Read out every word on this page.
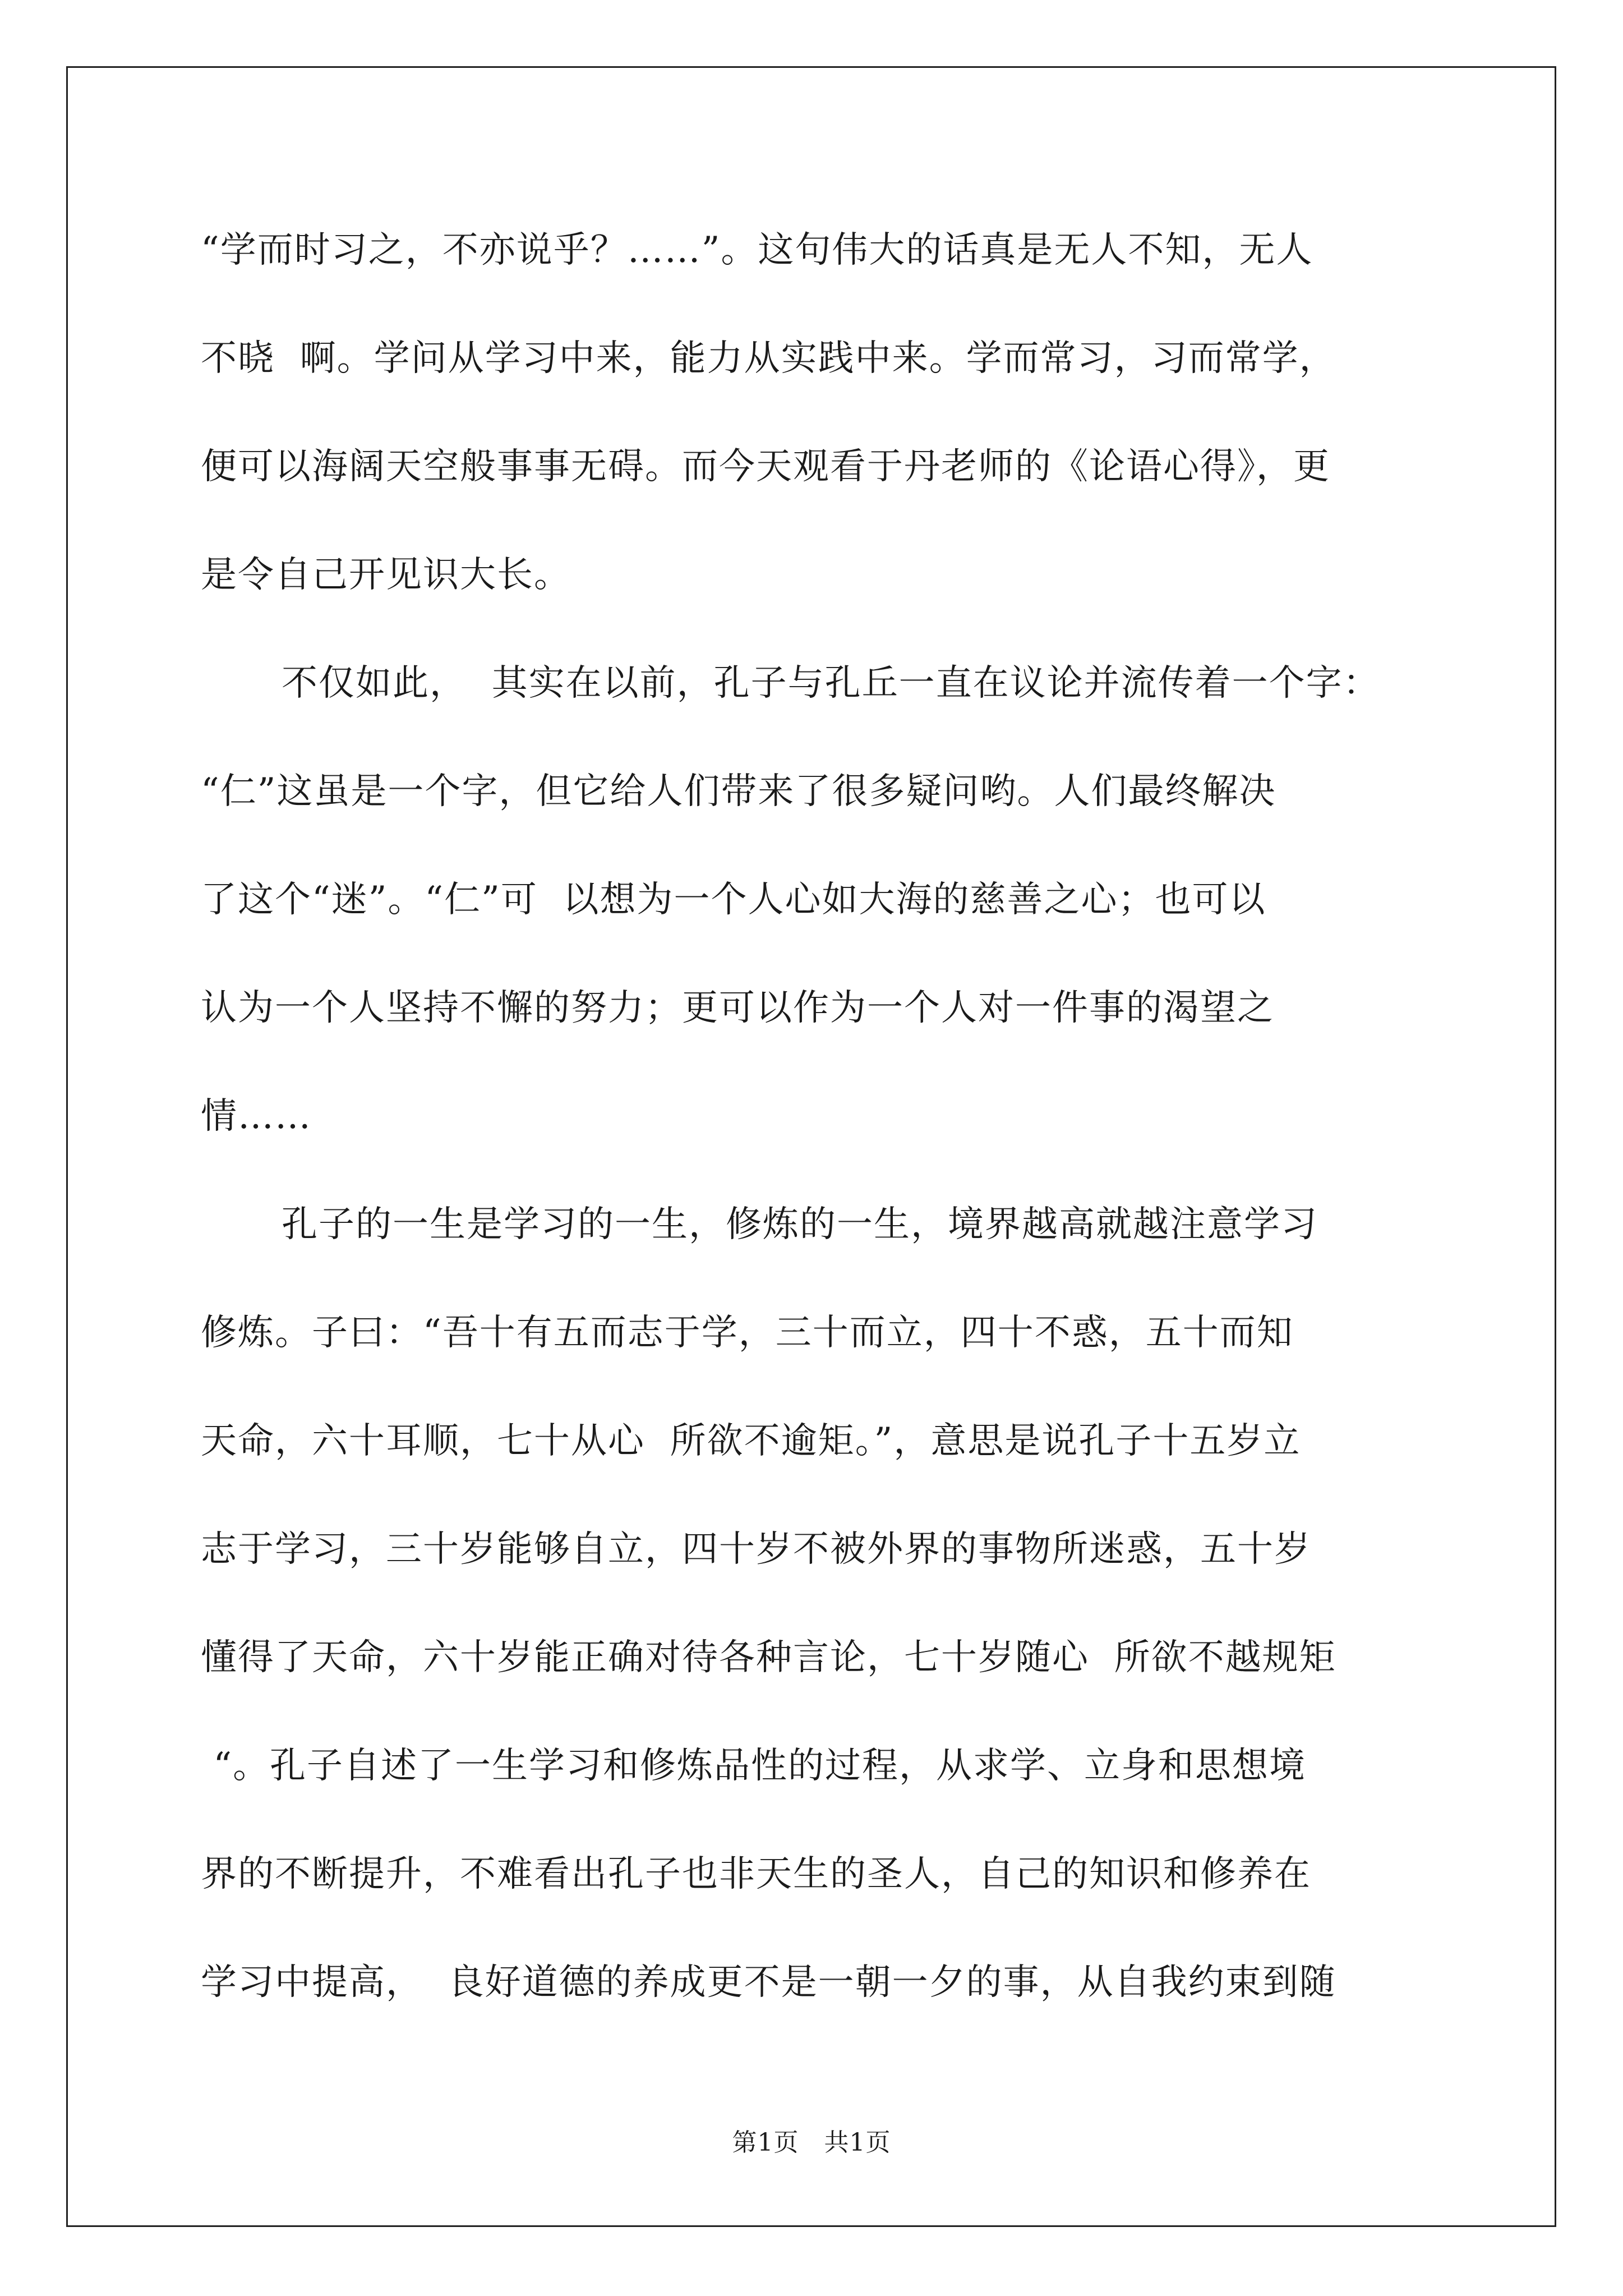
“学而时习之，不亦说乎？……”。这句伟大的话真是无人不知，无人
不晓  啊。学问从学习中来，能力从实践中来。学而常习，习而常学，
便可以海阔天空般事事无碍。而今天观看于丹老师的《论语心得》，更
是令自己开见识大长。
不仅如此，  其实在以前，孔子与孔丘一直在议论并流传着一个字：
“仁”这虽是一个字，但它给人们带来了很多疑问哟。人们最终解决
了这个“迷”。“仁”可  以想为一个人心如大海的慈善之心；也可以
认为一个人坚持不懈的努力；更可以作为一个人对一件事的渴望之
情……
孔子的一生是学习的一生，修炼的一生，境界越高就越注意学习
修炼。子曰：“吾十有五而志于学，三十而立，四十不惑，五十而知
天命，六十耳顺，七十从心  所欲不逾矩。”，意思是说孔子十五岁立
志于学习，三十岁能够自立，四十岁不被外界的事物所迷惑，五十岁
懂得了天命，六十岁能正确对待各种言论，七十岁随心  所欲不越规矩
“。孔子自述了一生学习和修炼品性的过程，从求学、立身和思想境
界的不断提升，不难看出孔子也非天生的圣人，自己的知识和修养在
学习中提高，  良好道德的养成更不是一朝一夕的事，从自我约束到随
第1页   共1页
